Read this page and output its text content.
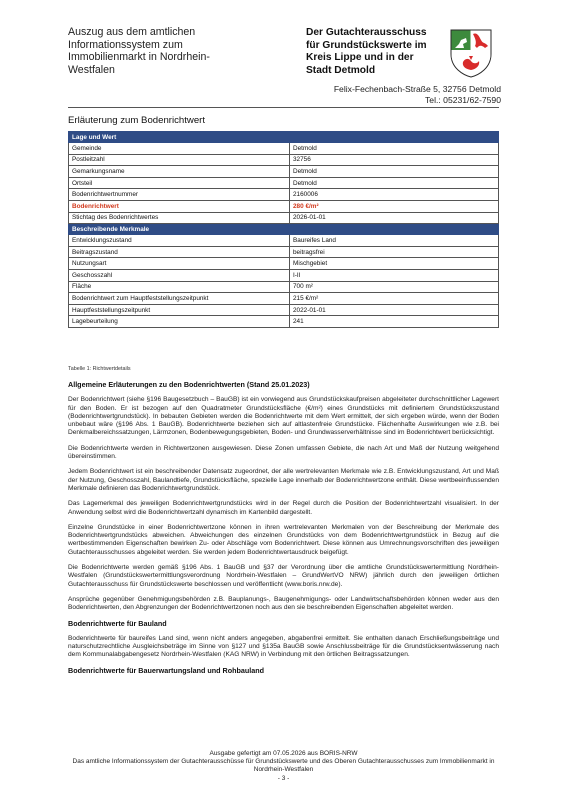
Auszug aus dem amtlichen Informationssystem zum Immobilienmarkt in Nordrhein-Westfalen
Der Gutachterausschuss
für Grundstückswerte im
Kreis Lippe und in der
Stadt Detmold
Felix-Fechenbach-Straße 5, 32756 Detmold
Tel.: 05231/62-7590
Erläuterung zum Bodenrichtwert
Lage und Wert	
Gemeinde	Detmold
Postleitzahl	32756
Gemarkungsname	Detmold
Ortsteil	Detmold
Bodenrichtwertnummer	2160006
Bodenrichtwert	280 €/m²
Stichtag des Bodenrichtwertes	2026-01-01
Beschreibende Merkmale	
Entwicklungszustand	Baureifes Land
Beitragszustand	beitragsfrei
Nutzungsart	Mischgebiet
Geschosszahl	I-II
Fläche	700 m²
Bodenrichtwert zum Hauptfeststellungszeitpunkt	215 €/m²
Hauptfeststellungszeitpunkt	2022-01-01
Lagebeurteilung	241
Tabelle 1: Richtwertdetails
Allgemeine Erläuterungen zu den Bodenrichtwerten (Stand 25.01.2023)

Der Bodenrichtwert (siehe §196 Baugesetzbuch – BauGB) ist ein vorwiegend aus Grundstückskaufpreisen abgeleiteter durchschnittlicher Lagewert für den Boden. Er ist bezogen auf den Quadratmeter Grundstücksfläche (€/m²) eines Grundstücks mit definiertem Grundstückszustand (Bodenrichtwertgrundstück). In bebauten Gebieten werden die Bodenrichtwerte mit dem Wert ermittelt, der sich ergeben würde, wenn der Boden unbebaut wäre (§196 Abs. 1 BauGB). Bodenrichtwerte beziehen sich auf altlastenfreie Grundstücke. Flächenhafte Auswirkungen wie z.B. bei Denkmalbereichssatzungen, Lärmzonen, Bodenbewegungsgebieten, Boden- und Grundwasserverhältnisse sind im Bodenrichtwert berücksichtigt.

Die Bodenrichtwerte werden in Richtwertzonen ausgewiesen. Diese Zonen umfassen Gebiete, die nach Art und Maß der Nutzung weitgehend übereinstimmen.

Jedem Bodenrichtwert ist ein beschreibender Datensatz zugeordnet, der alle wertrelevanten Merkmale wie z.B. Entwicklungszustand, Art und Maß der Nutzung, Geschosszahl, Baulandtiefe, Grundstücksfläche, spezielle Lage innerhalb der Bodenrichtwertzone enthält. Diese wertbeeinflussenden Merkmale definieren das Bodenrichtwertgrundstück.

Das Lagemerkmal des jeweiligen Bodenrichtwertgrundstücks wird in der Regel durch die Position der Bodenrichtwertzahl visualisiert. In der Anwendung selbst wird die Bodenrichtwertzahl dynamisch im Kartenbild dargestellt.

Einzelne Grundstücke in einer Bodenrichtwertzone können in ihren wertrelevanten Merkmalen von der Beschreibung der Merkmale des Bodenrichtwertgrundstücks abweichen. Abweichungen des einzelnen Grundstücks von dem Bodenrichtwertgrundstück in Bezug auf die wertbestimmenden Eigenschaften bewirken Zu- oder Abschläge vom Bodenrichtwert. Diese können aus Umrechnungsvorschriften des jeweiligen Gutachterausschusses abgeleitet werden. Sie werden jedem Bodenrichtwertausdruck beigefügt.

Die Bodenrichtwerte werden gemäß §196 Abs. 1 BauGB und §37 der Verordnung über die amtliche Grundstückswertermittlung Nordrhein-Westfalen (Grundstückswertermittlungsverordnung Nordrhein-Westfalen – GrundWertVO NRW) jährlich durch den jeweiligen örtlichen Gutachterausschuss für Grundstückswerte beschlossen und veröffentlicht (www.boris.nrw.de).

Ansprüche gegenüber Genehmigungsbehörden z.B. Bauplanungs-, Baugenehmigungs- oder Landwirtschaftsbehörden können weder aus den Bodenrichtwerten, den Abgrenzungen der Bodenrichtwertzonen noch aus den sie beschreibenden Eigenschaften abgeleitet werden.

Bodenrichtwerte für Bauland

Bodenrichtwerte für baureifes Land sind, wenn nicht anders angegeben, abgabenfrei ermittelt. Sie enthalten danach Erschließungsbeiträge und naturschutzrechtliche Ausgleichsbeträge im Sinne von §127 und §135a BauGB sowie Anschlussbeiträge für die Grundstücksentwässerung nach dem Kommunalabgabengesetz Nordrhein-Westfalen (KAG NRW) in Verbindung mit den örtlichen Beitragssatzungen.

Bodenrichtwerte für Bauerwartungsland und Rohbauland
Ausgabe gefertigt am 07.05.2026 aus BORIS-NRW
Das amtliche Informationssystem der Gutachterausschüsse für Grundstückswerte und des Oberen Gutachterausschusses zum Immobilienmarkt in Nordrhein-Westfalen
- 3 -
